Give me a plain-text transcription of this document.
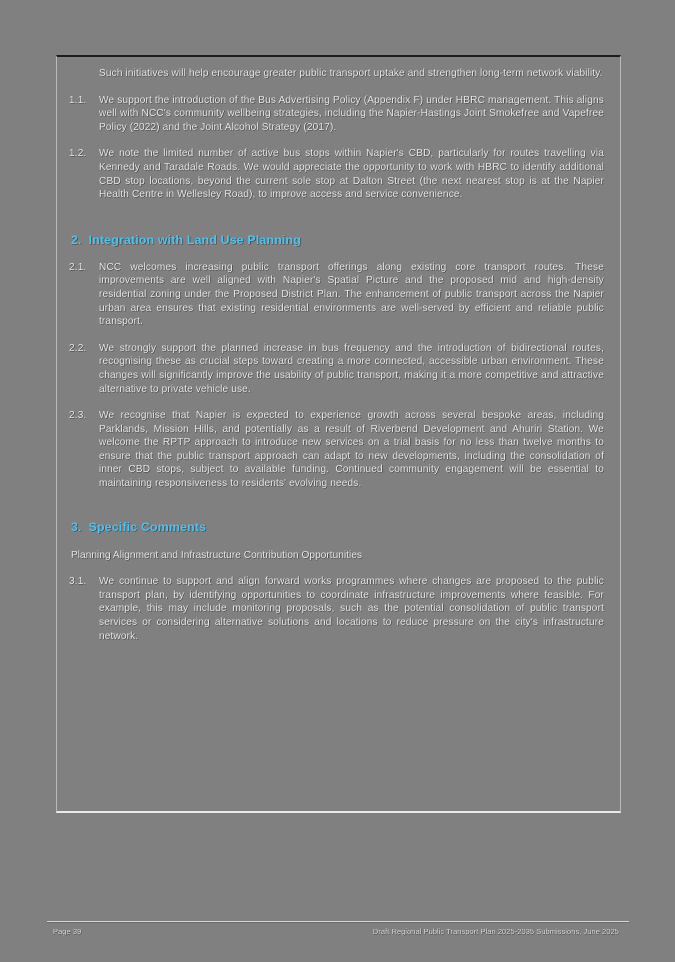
Such initiatives will help encourage greater public transport uptake and strengthen long-term network viability.

1.1.	We support the introduction of the Bus Advertising Policy (Appendix F) under HBRC management. This aligns well with NCC's community wellbeing strategies, including the Napier-Hastings Joint Smokefree and Vapefree Policy (2022) and the Joint Alcohol Strategy (2017).
1.2.	We note the limited number of active bus stops within Napier's CBD, particularly for routes travelling via Kennedy and Taradale Roads. We would appreciate the opportunity to work with HBRC to identify additional CBD stop locations, beyond the current sole stop at Dalton Street (the next nearest stop is at the Napier Health Centre in Wellesley Road), to improve access and service convenience.
2. Integration with Land Use Planning
2.1.	NCC welcomes increasing public transport offerings along existing core transport routes. These improvements are well aligned with Napier's Spatial Picture and the proposed mid and high-density residential zoning under the Proposed District Plan. The enhancement of public transport across the Napier urban area ensures that existing residential environments are well-served by efficient and reliable public transport.
2.2.	We strongly support the planned increase in bus frequency and the introduction of bidirectional routes, recognising these as crucial steps toward creating a more connected, accessible urban environment. These changes will significantly improve the usability of public transport, making it a more competitive and attractive alternative to private vehicle use.
2.3.	We recognise that Napier is expected to experience growth across several bespoke areas, including Parklands, Mission Hills, and potentially as a result of Riverbend Development and Ahuriri Station. We welcome the RPTP approach to introduce new services on a trial basis for no less than twelve months to ensure that the public transport approach can adapt to new developments, including the consolidation of inner CBD stops, subject to available funding. Continued community engagement will be essential to maintaining responsiveness to residents' evolving needs.
3. Specific Comments

Planning Alignment and Infrastructure Contribution Opportunities

3.1.	We continue to support and align forward works programmes where changes are proposed to the public transport plan, by identifying opportunities to coordinate infrastructure improvements where feasible. For example, this may include monitoring proposals, such as the potential consolidation of public transport services or considering alternative solutions and locations to reduce pressure on the city's infrastructure network.
Page 39	Draft Regional Public Transport Plan 2025-2035 Submissions, June 2025
